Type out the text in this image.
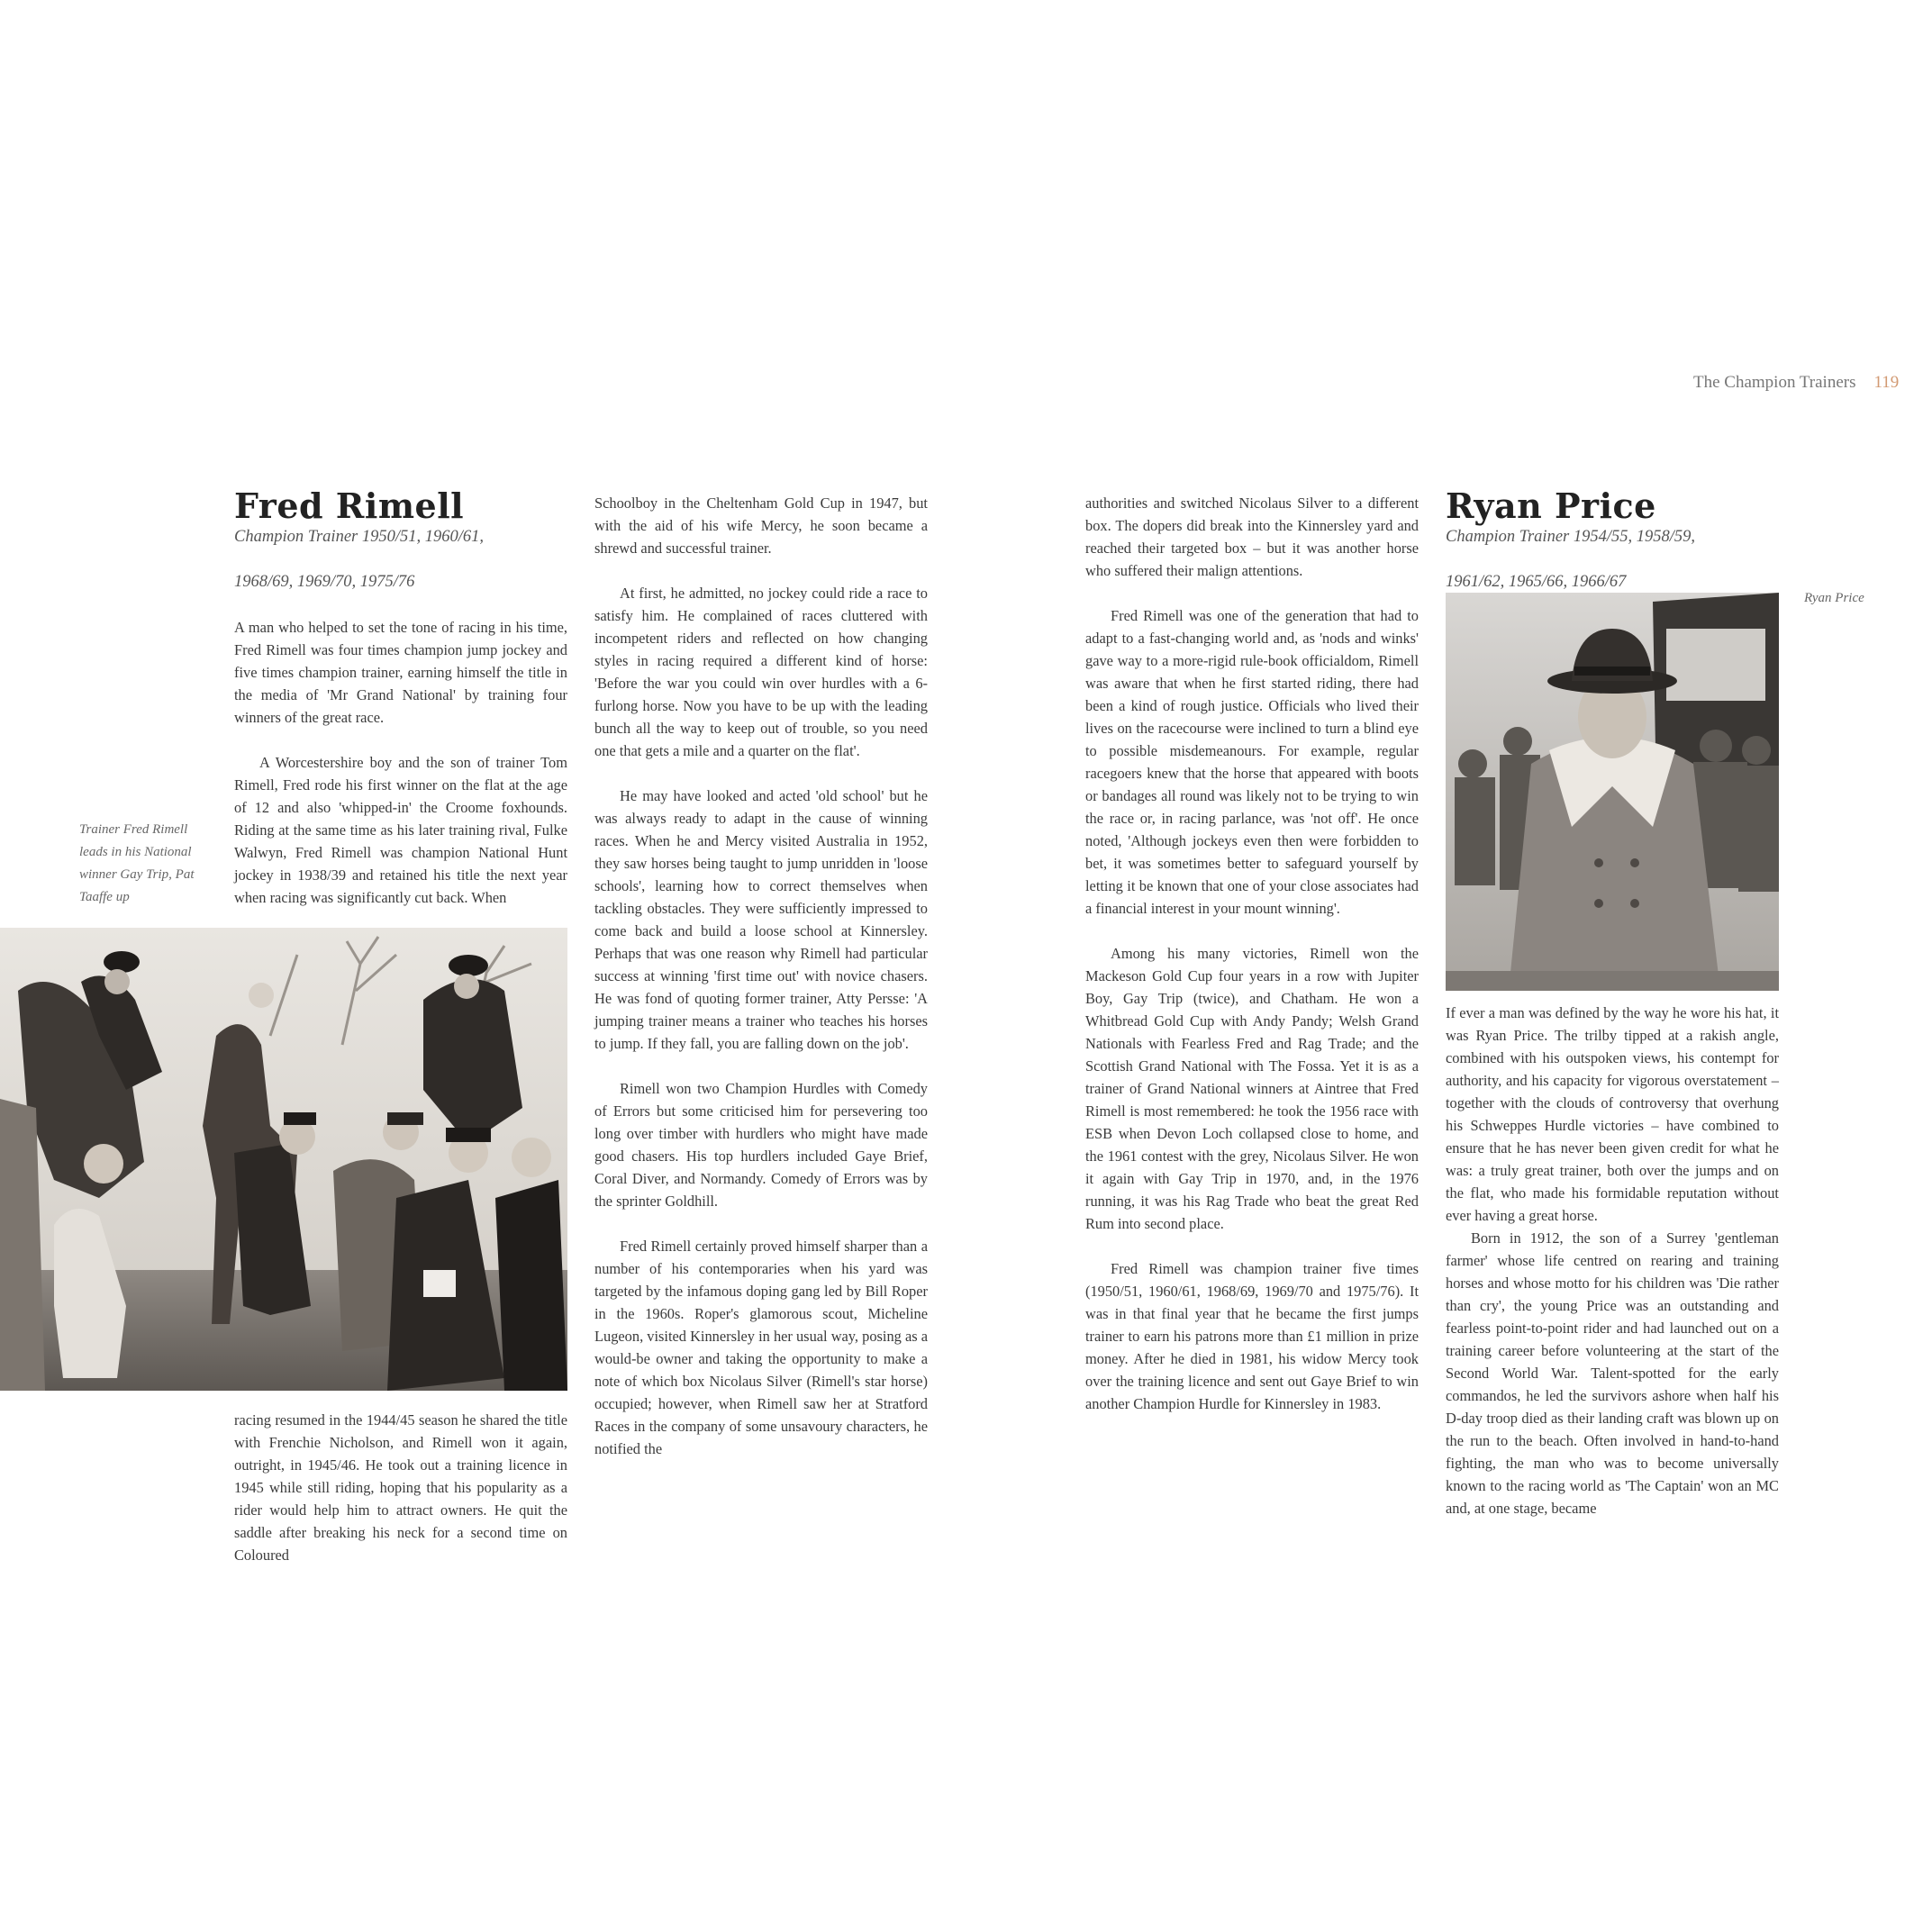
The Champion Trainers 119
Fred Rimell

Champion Trainer 1950/51, 1960/61,

1968/69, 1969/70, 1975/76

A man who helped to set the tone of racing in his time, Fred Rimell was four times champion jump jockey and five times champion trainer, earning himself the title in the media of 'Mr Grand National' by training four winners of the great race.

A Worcestershire boy and the son of trainer Tom Rimell, Fred rode his first winner on the flat at the age of 12 and also 'whipped-in' the Croome foxhounds. Riding at the same time as his later training rival, Fulke Walwyn, Fred Rimell was champion National Hunt jockey in 1938/39 and retained his title the next year when racing was significantly cut back. When

Trainer Fred Rimell leads in his National winner Gay Trip, Pat Taaffe up

racing resumed in the 1944/45 season he shared the title with Frenchie Nicholson, and Rimell won it again, outright, in 1945/46. He took out a training licence in 1945 while still riding, hoping that his popularity as a rider would help him to attract owners. He quit the saddle after breaking his neck for a second time on Coloured

Schoolboy in the Cheltenham Gold Cup in 1947, but with the aid of his wife Mercy, he soon became a shrewd and successful trainer.

At first, he admitted, no jockey could ride a race to satisfy him. He complained of races cluttered with incompetent riders and reflected on how changing styles in racing required a different kind of horse: 'Before the war you could win over hurdles with a 6-furlong horse. Now you have to be up with the leading bunch all the way to keep out of trouble, so you need one that gets a mile and a quarter on the flat'.

He may have looked and acted 'old school' but he was always ready to adapt in the cause of winning races. When he and Mercy visited Australia in 1952, they saw horses being taught to jump unridden in 'loose schools', learning how to correct themselves when tackling obstacles. They were sufficiently impressed to come back and build a loose school at Kinnersley. Perhaps that was one reason why Rimell had particular success at winning 'first time out' with novice chasers. He was fond of quoting former trainer, Atty Persse: 'A jumping trainer means a trainer who teaches his horses to jump. If they fall, you are falling down on the job'.

Rimell won two Champion Hurdles with Comedy of Errors but some criticised him for persevering too long over timber with hurdlers who might have made good chasers. His top hurdlers included Gaye Brief, Coral Diver, and Normandy. Comedy of Errors was by the sprinter Goldhill.

Fred Rimell certainly proved himself sharper than a number of his contemporaries when his yard was targeted by the infamous doping gang led by Bill Roper in the 1960s. Roper's glamorous scout, Micheline Lugeon, visited Kinnersley in her usual way, posing as a would-be owner and taking the opportunity to make a note of which box Nicolaus Silver (Rimell's star horse) occupied; however, when Rimell saw her at Stratford Races in the company of some unsavoury characters, he notified the

authorities and switched Nicolaus Silver to a different box. The dopers did break into the Kinnersley yard and reached their targeted box – but it was another horse who suffered their malign attentions.

Fred Rimell was one of the generation that had to adapt to a fast-changing world and, as 'nods and winks' gave way to a more-rigid rule-book officialdom, Rimell was aware that when he first started riding, there had been a kind of rough justice. Officials who lived their lives on the racecourse were inclined to turn a blind eye to possible misdemeanours. For example, regular racegoers knew that the horse that appeared with boots or bandages all round was likely not to be trying to win the race or, in racing parlance, was 'not off'. He once noted, 'Although jockeys even then were forbidden to bet, it was sometimes better to safeguard yourself by letting it be known that one of your close associates had a financial interest in your mount winning'.

Among his many victories, Rimell won the Mackeson Gold Cup four years in a row with Jupiter Boy, Gay Trip (twice), and Chatham. He won a Whitbread Gold Cup with Andy Pandy; Welsh Grand Nationals with Fearless Fred and Rag Trade; and the Scottish Grand National with The Fossa. Yet it is as a trainer of Grand National winners at Aintree that Fred Rimell is most remembered: he took the 1956 race with ESB when Devon Loch collapsed close to home, and the 1961 contest with the grey, Nicolaus Silver. He won it again with Gay Trip in 1970, and, in the 1976 running, it was his Rag Trade who beat the great Red Rum into second place.

Fred Rimell was champion trainer five times (1950/51, 1960/61, 1968/69, 1969/70 and 1975/76). It was in that final year that he became the first jumps trainer to earn his patrons more than £1 million in prize money. After he died in 1981, his widow Mercy took over the training licence and sent out Gaye Brief to win another Champion Hurdle for Kinnersley in 1983.

Ryan Price

Champion Trainer 1954/55, 1958/59,

1961/62, 1965/66, 1966/67

Ryan Price

If ever a man was defined by the way he wore his hat, it was Ryan Price. The trilby tipped at a rakish angle, combined with his outspoken views, his contempt for authority, and his capacity for vigorous overstatement – together with the clouds of controversy that overhung his Schweppes Hurdle victories – have combined to ensure that he has never been given credit for what he was: a truly great trainer, both over the jumps and on the flat, who made his formidable reputation without ever having a great horse.

Born in 1912, the son of a Surrey 'gentleman farmer' whose life centred on rearing and training horses and whose motto for his children was 'Die rather than cry', the young Price was an outstanding and fearless point-to-point rider and had launched out on a training career before volunteering at the start of the Second World War. Talent-spotted for the early commandos, he led the survivors ashore when half his D-day troop died as their landing craft was blown up on the run to the beach. Often involved in hand-to-hand fighting, the man who was to become universally known to the racing world as 'The Captain' won an MC and, at one stage, became
